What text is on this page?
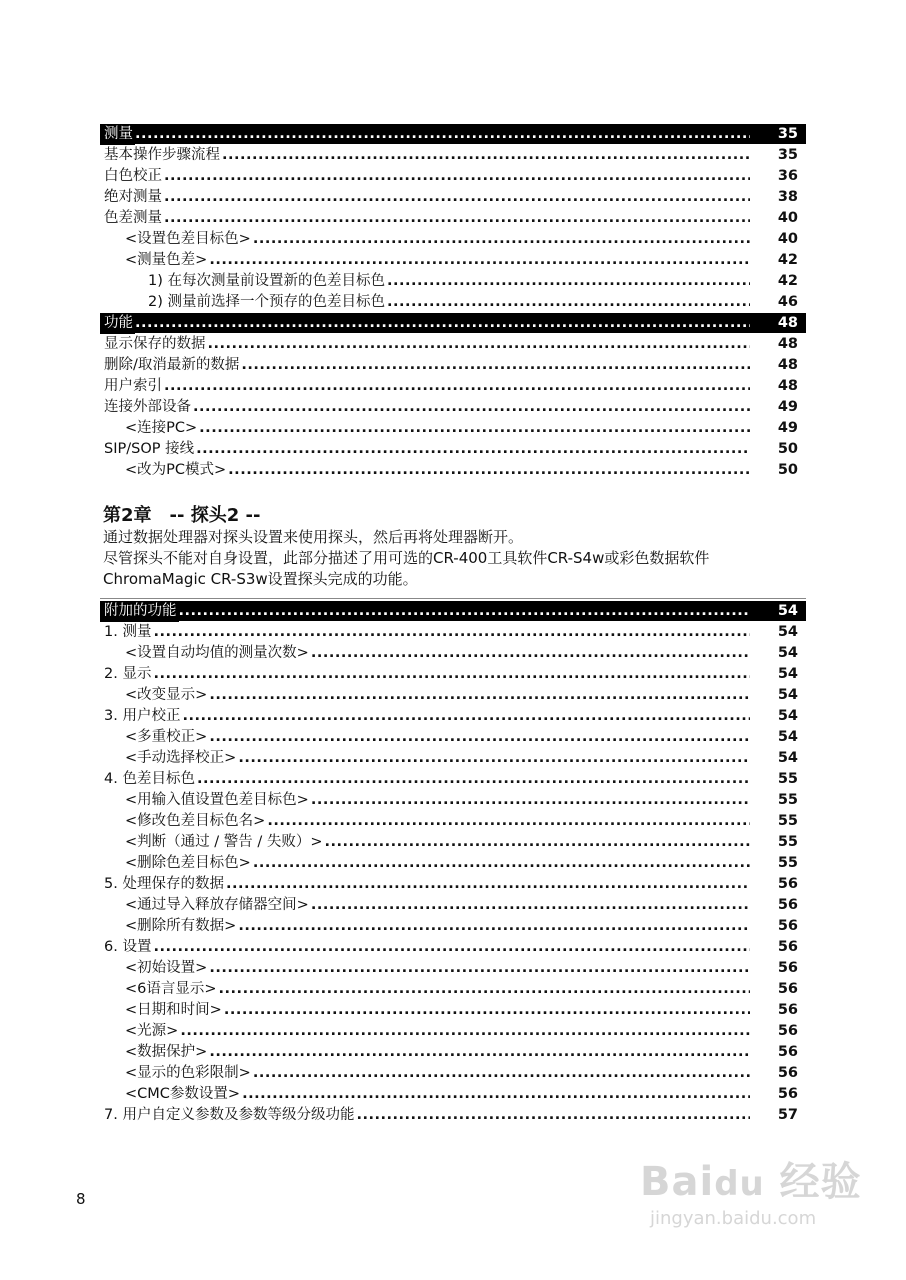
测量 .....	35
基本操作步骤流程 .....	35
白色校正 .....	36
绝对测量 .....	38
色差测量 .....	40
<设置色差目标色> .....	40
<测量色差> .....	42
1) 在每次测量前设置新的色差目标色 .....	42
2) 测量前选择一个预存的色差目标色 .....	46
功能 .....	48
显示保存的数据 .....	48
删除/取消最新的数据 .....	48
用户索引 .....	48
连接外部设备 .....	49
<连接PC> .....	49
SIP/SOP 接线 .....	50
<改为PC模式> .....	50
第2章　-- 探头2 --

通过数据处理器对探头设置来使用探头，然后再将处理器断开。

尽管探头不能对自身设置，此部分描述了用可选的CR-400工具软件CR-S4w或彩色数据软件

ChromaMagic CR-S3w设置探头完成的功能。

附加的功能 .....	54
1. 测量 .....	54
<设置自动均值的测量次数> .....	54
2. 显示 .....	54
<改变显示> .....	54
3. 用户校正 .....	54
<多重校正> .....	54
<手动选择校正> .....	54
4. 色差目标色 .....	55
<用输入值设置色差目标色> .....	55
<修改色差目标色名> .....	55
<判断（通过 / 警告 / 失败）> .....	55
<删除色差目标色> .....	55
5. 处理保存的数据 .....	56
<通过导入释放存储器空间> .....	56
<删除所有数据> .....	56
6. 设置 .....	56
<初始设置> .....	56
<6语言显示> .....	56
<日期和时间> .....	56
<光源> .....	56
<数据保护> .....	56
<显示的色彩限制> .....	56
<CMC参数设置> .....	56
7. 用户自定义参数及参数等级分级功能 .....	57
8	Baidu 经验
jingyan.baidu.com
